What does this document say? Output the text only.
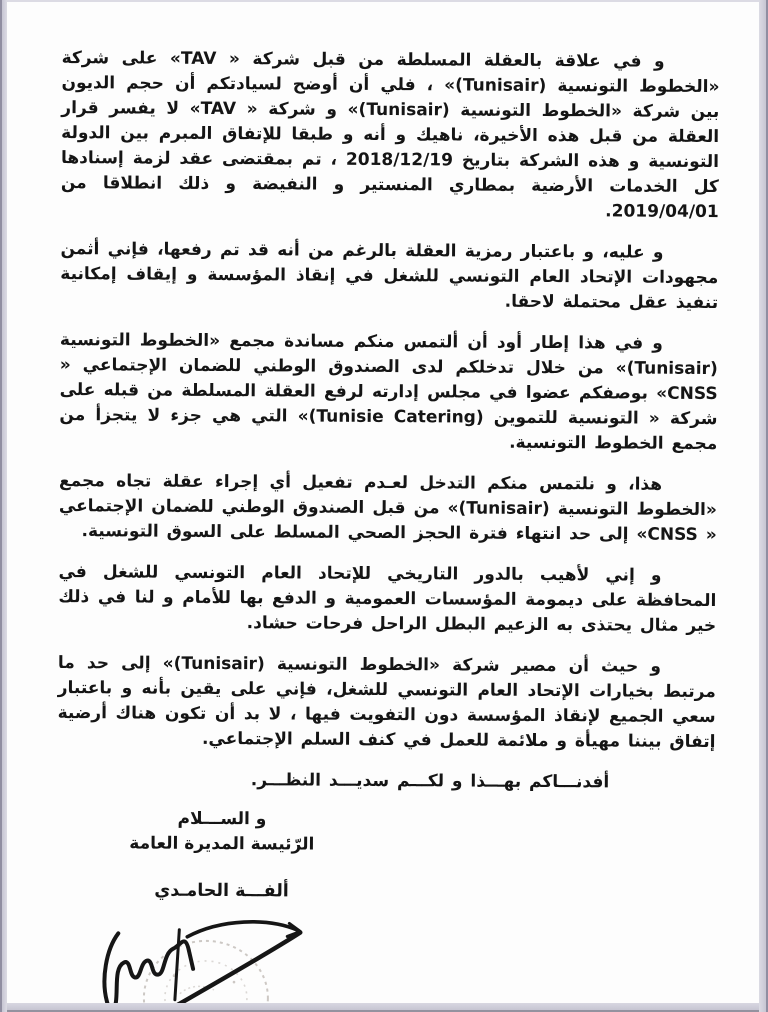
و في علاقة بالعقلة المسلطة من قبل شركة « TAV» على شركة «الخطوط التونسية (Tunisair)» ، فلي أن أوضح لسيادتكم أن حجم الديون بين شركة «الخطوط التونسية (Tunisair)» و شركة « TAV» لا يفسر قرار العقلة من قبل هذه الأخيرة، ناهيك و أنه و طبقا للإتفاق المبرم بين الدولة التونسية و هذه الشركة بتاريخ 2018/12/19 ، تم بمقتضى عقد لزمة إسنادها كل الخدمات الأرضية بمطاري المنستير و النفيضة و ذلك انطلاقا من 2019/04/01.

و عليه، و باعتبار رمزية العقلة بالرغم من أنه قد تم رفعها، فإني أثمن مجهودات الإتحاد العام التونسي للشغل في إنقاذ المؤسسة و إيقاف إمكانية تنفيذ عقل محتملة لاحقا.

و في هذا إطار أود أن ألتمس منكم مساندة مجمع «الخطوط التونسية (Tunisair)» من خلال تدخلكم لدى الصندوق الوطني للضمان الإجتماعي « CNSS» بوصفكم عضوا في مجلس إدارته لرفع العقلة المسلطة من قبله على شركة « التونسية للتموين (Tunisie Catering)» التي هي جزء لا يتجزأ من مجمع الخطوط التونسية.

هذا، و نلتمس منكم التدخل لعـدم تفعيل أي إجراء عقلة تجاه مجمع «الخطوط التونسية (Tunisair)» من قبل الصندوق الوطني للضمان الإجتماعي « CNSS» إلى حد انتهاء فترة الحجز الصحي المسلط على السوق التونسية.

و إني لأهيب بالدور التاريخي للإتحاد العام التونسي للشغل في المحافظة على ديمومة المؤسسات العمومية و الدفع بها للأمام و لنا في ذلك خير مثال يحتذى به الزعيم البطل الراحل فرحات حشاد.

و حيث أن مصير شركة «الخطوط التونسية (Tunisair)» إلى حد ما مرتبط بخيارات الإتحاد العام التونسي للشغل، فإني على يقين بأنه و باعتبار سعي الجميع لإنقاذ المؤسسة دون التفويت فيها ، لا بد أن تكون هناك أرضية إتفاق بيننا مهيأة و ملائمة للعمل في كنف السلم الإجتماعي.

أفدنـــاكم بهـــذا و لكـــم سديـــد النظـــر.
و الســـلام
الرّئيسة المديرة العامة
ألفـــة الحامـدي
